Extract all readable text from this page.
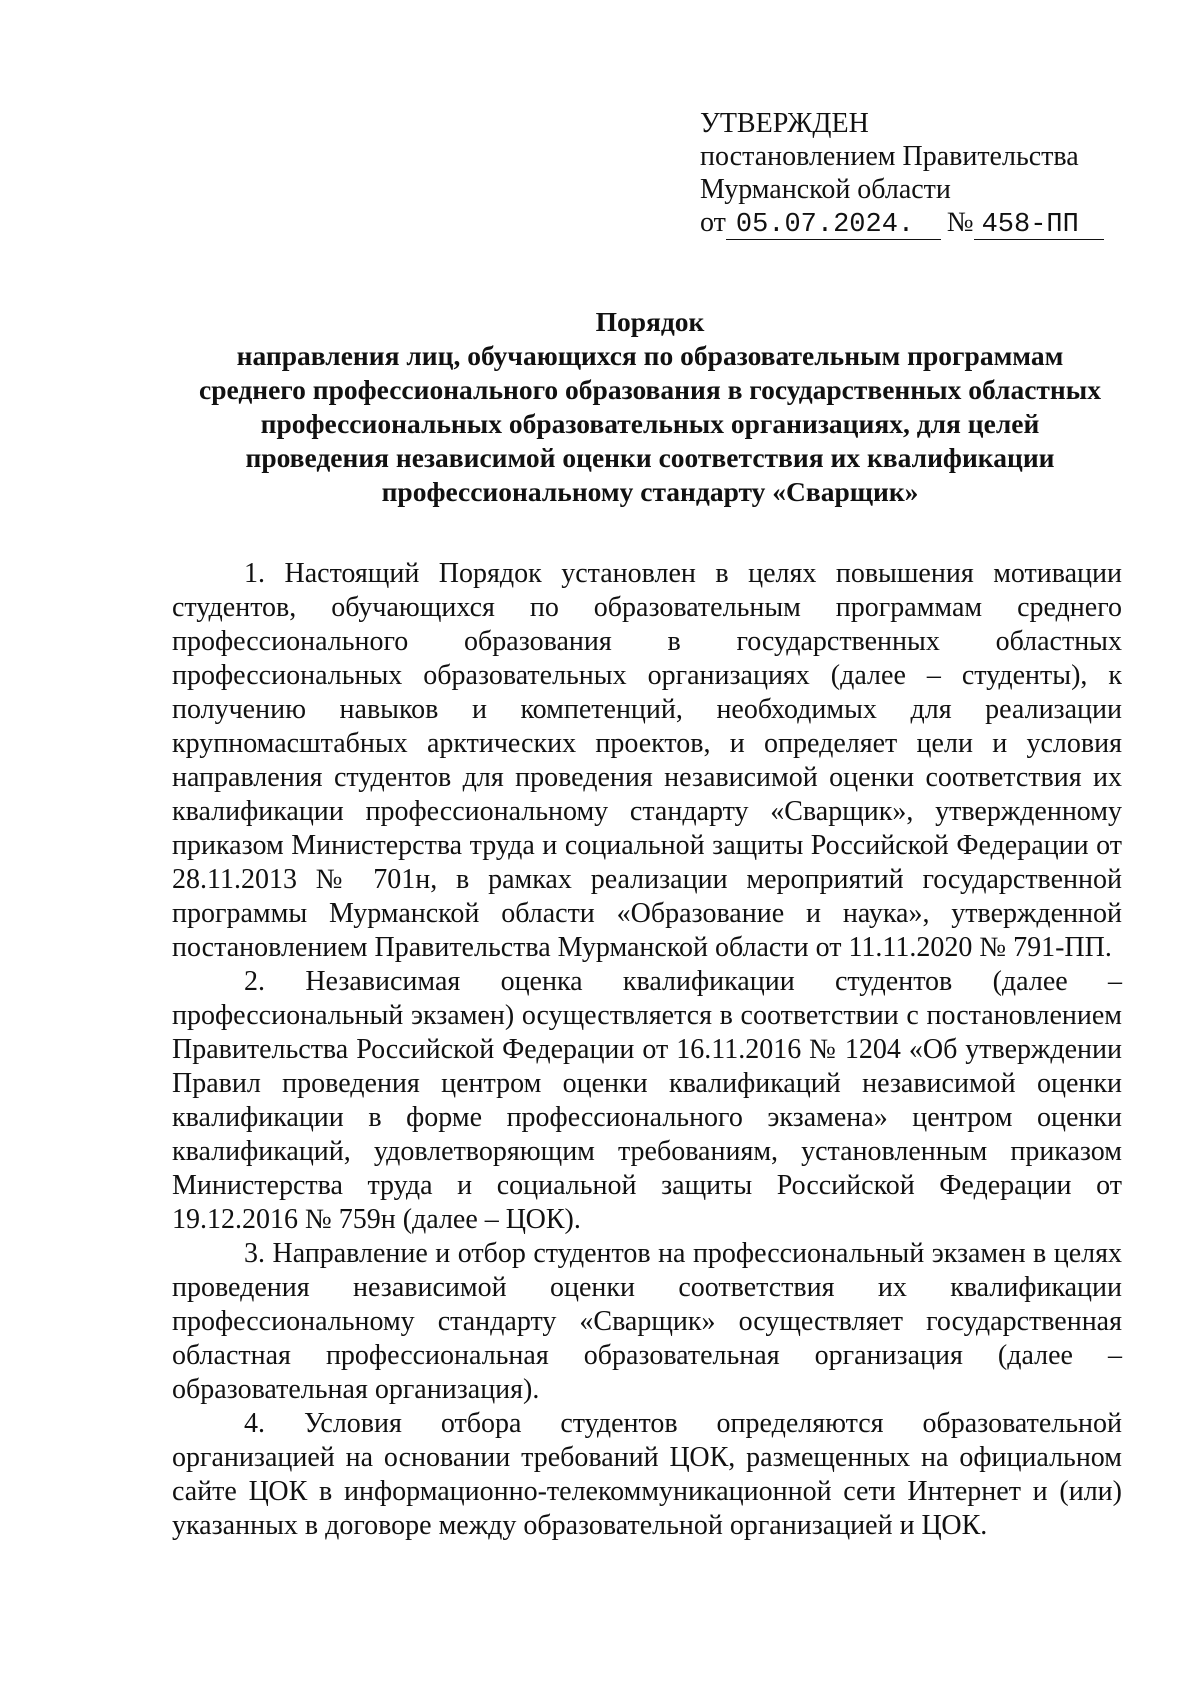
УТВЕРЖДЕН
постановлением Правительства
Мурманской области
от 05.07.2024.	№ 458-ПП
Порядок
направления лиц, обучающихся по образовательным программам
среднего профессионального образования в государственных областных
профессиональных образовательных организациях, для целей
проведения независимой оценки соответствия их квалификации
профессиональному стандарту «Сварщик»

1. Настоящий Порядок установлен в целях повышения мотивации студентов, обучающихся по образовательным программам среднего профессионального образования в государственных областных профессиональных образовательных организациях (далее – студенты), к получению навыков и компетенций, необходимых для реализации крупномасштабных арктических проектов, и определяет цели и условия направления студентов для проведения независимой оценки соответствия их квалификации профессиональному стандарту «Сварщик», утвержденному приказом Министерства труда и социальной защиты Российской Федерации от 28.11.2013 № 701н, в рамках реализации мероприятий государственной программы Мурманской области «Образование и наука», утвержденной постановлением Правительства Мурманской области от 11.11.2020 № 791-ПП.

2. Независимая оценка квалификации студентов (далее – профессиональный экзамен) осуществляется в соответствии с постановлением Правительства Российской Федерации от 16.11.2016 № 1204 «Об утверждении Правил проведения центром оценки квалификаций независимой оценки квалификации в форме профессионального экзамена» центром оценки квалификаций, удовлетворяющим требованиям, установленным приказом Министерства труда и социальной защиты Российской Федерации от 19.12.2016 № 759н (далее – ЦОК).

3. Направление и отбор студентов на профессиональный экзамен в целях проведения независимой оценки соответствия их квалификации профессиональному стандарту «Сварщик» осуществляет государственная областная профессиональная образовательная организация (далее – образовательная организация).

4. Условия отбора студентов определяются образовательной организацией на основании требований ЦОК, размещенных на официальном сайте ЦОК в информационно-телекоммуникационной сети Интернет и (или) указанных в договоре между образовательной организацией и ЦОК.
